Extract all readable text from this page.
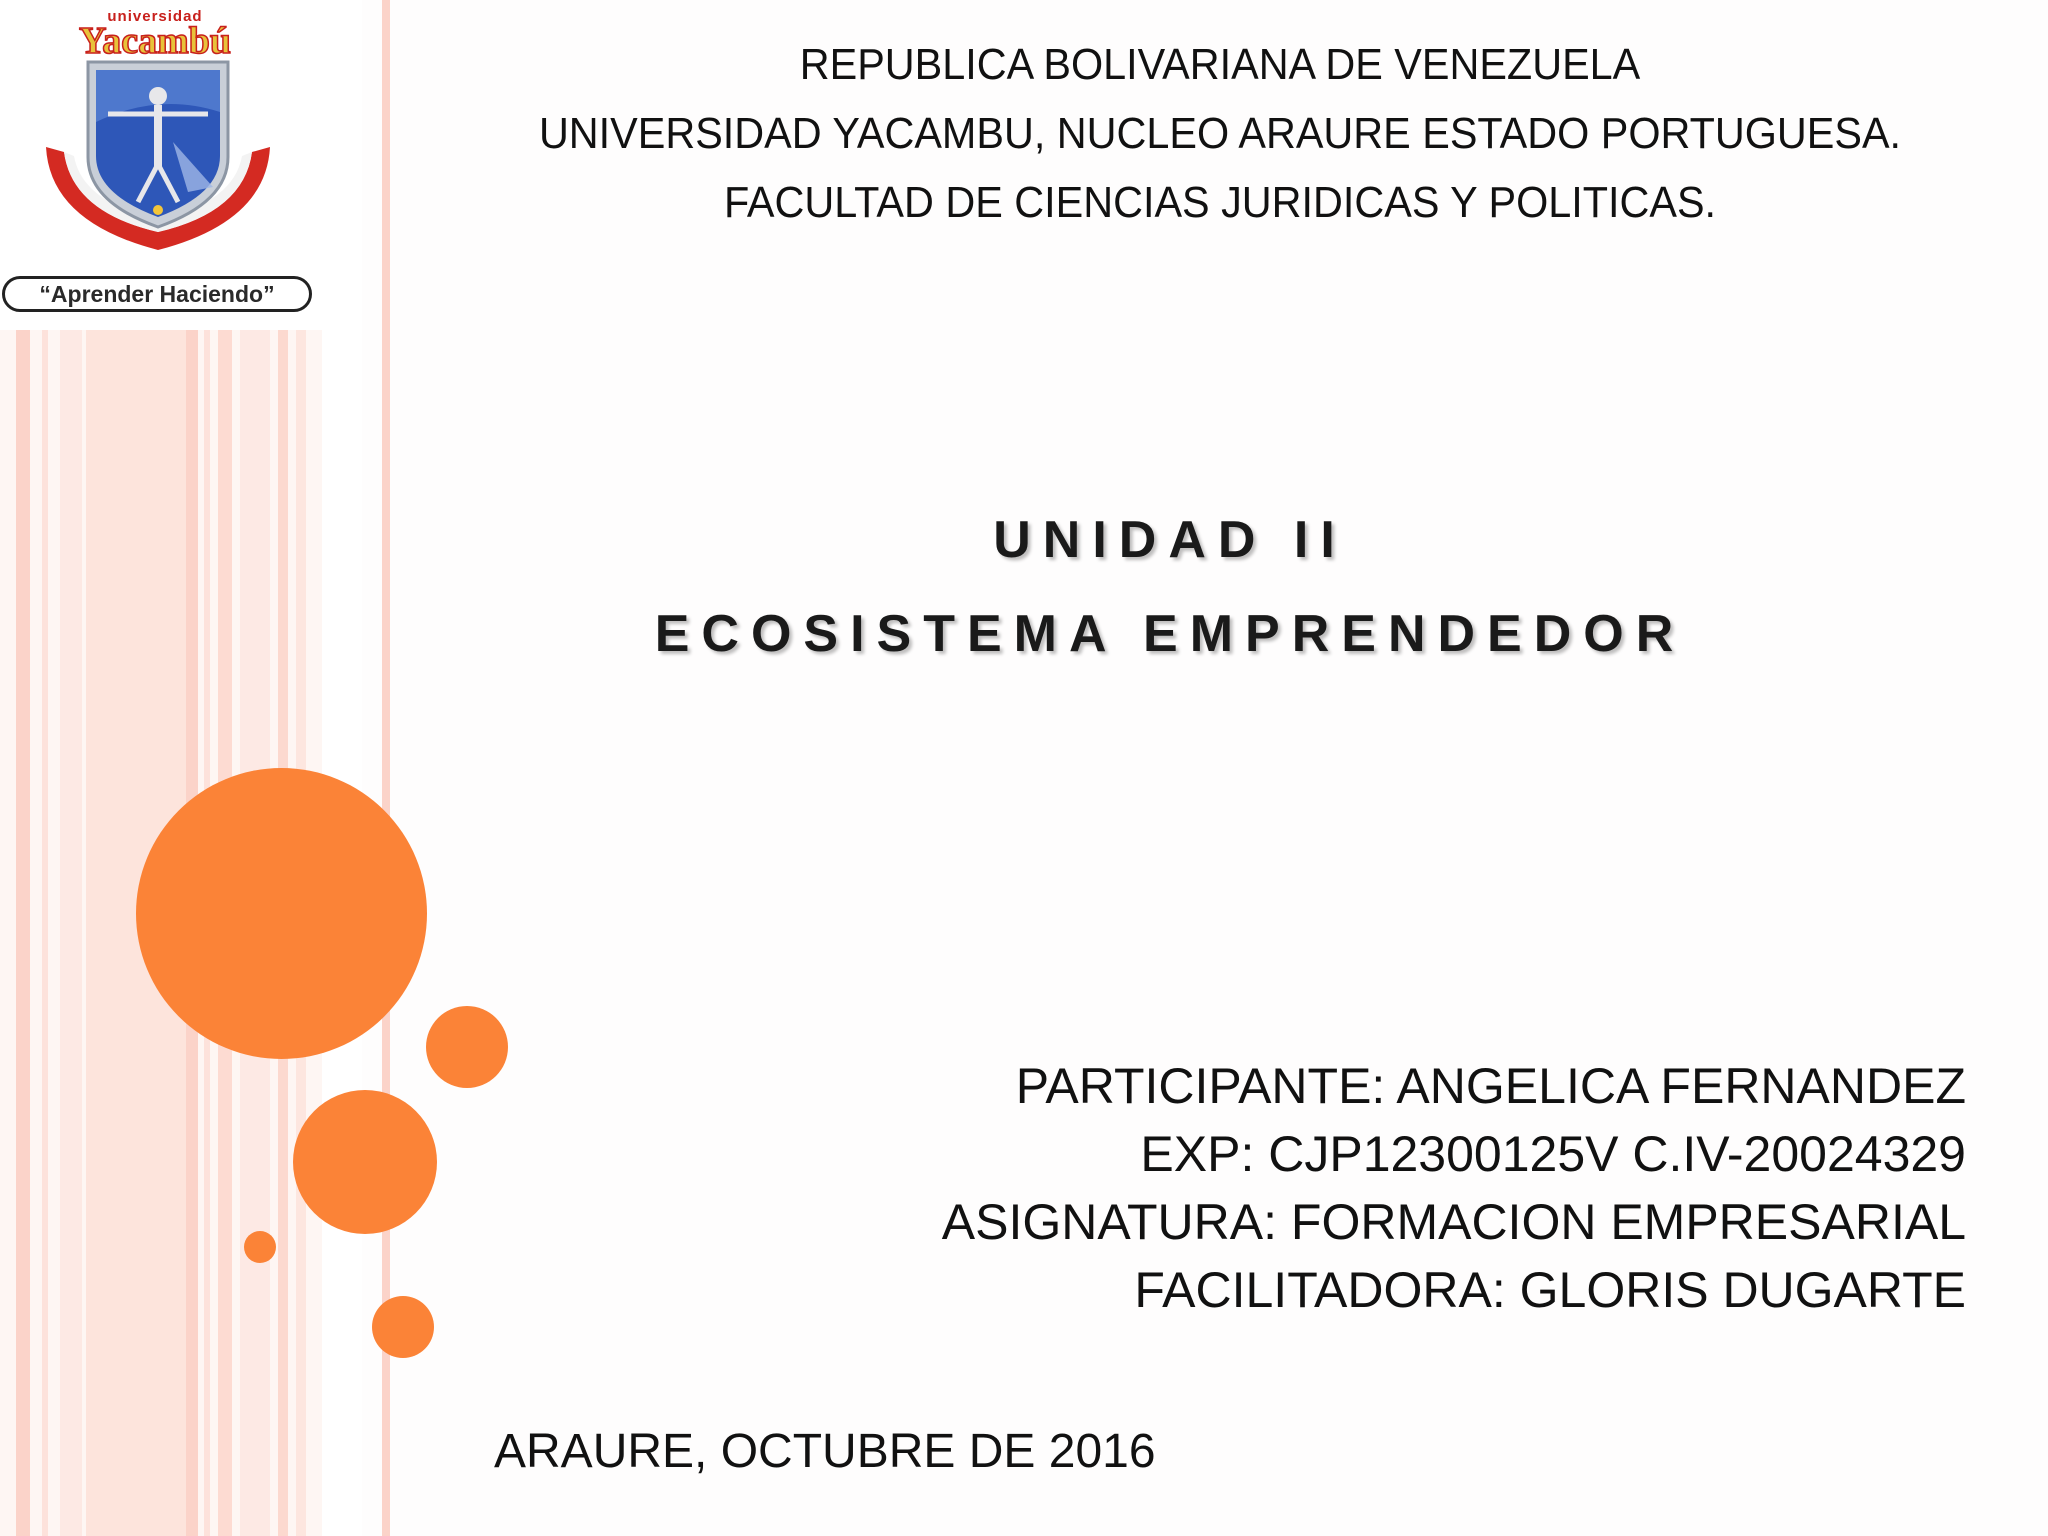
universidad
Yacambú
“Aprender Haciendo”
REPUBLICA BOLIVARIANA DE VENEZUELA
UNIVERSIDAD YACAMBU, NUCLEO ARAURE ESTADO PORTUGUESA.
FACULTAD DE CIENCIAS JURIDICAS Y POLITICAS.
UNIDAD II
ECOSISTEMA EMPRENDEDOR
PARTICIPANTE: ANGELICA FERNANDEZ
EXP: CJP12300125V C.IV-20024329
ASIGNATURA: FORMACION EMPRESARIAL
FACILITADORA: GLORIS DUGARTE
ARAURE, OCTUBRE DE 2016
